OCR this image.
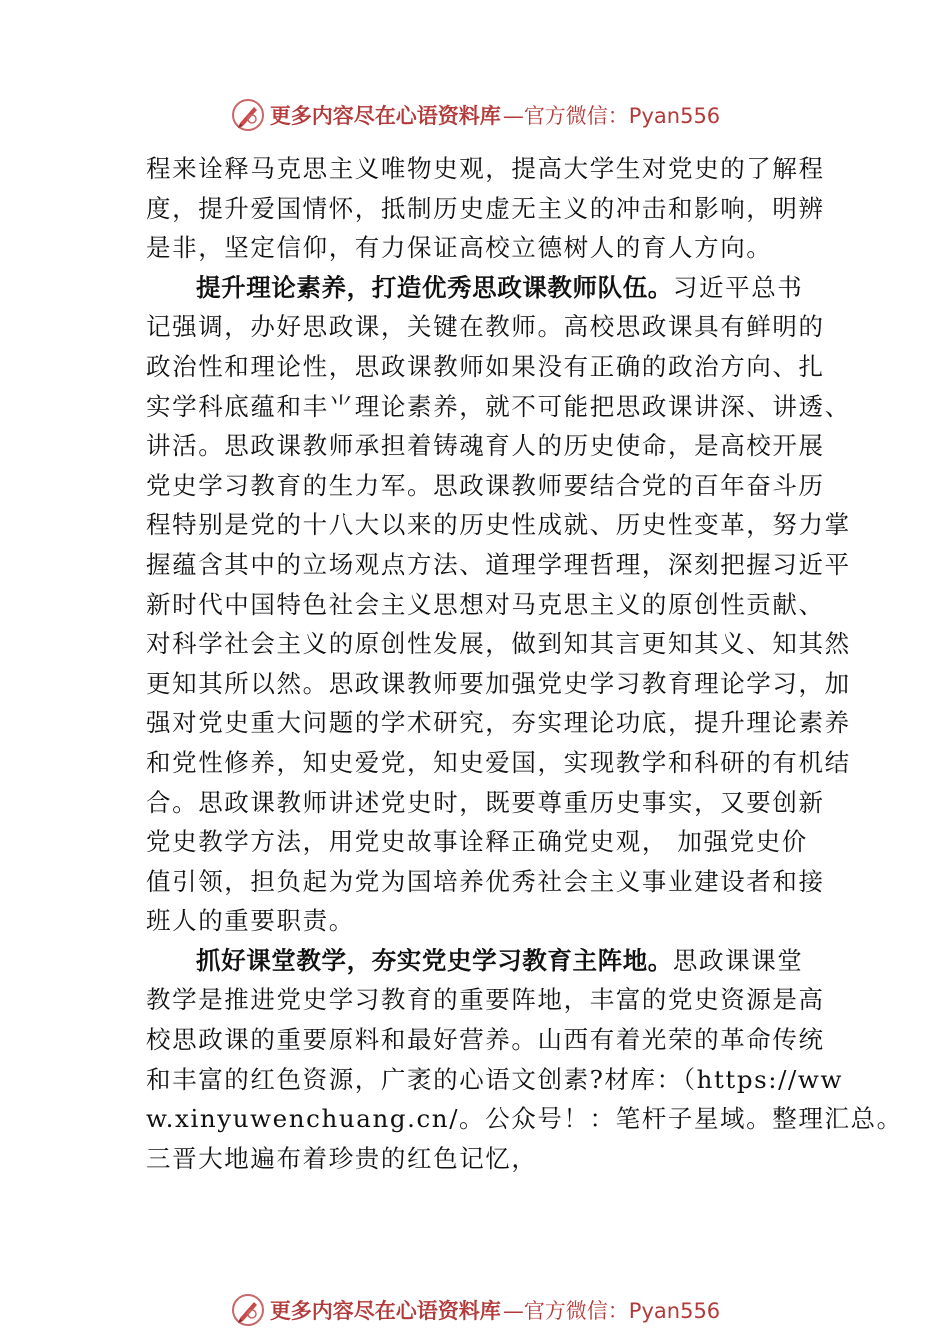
更多内容尽在心语资料库 —官方微信：Pyan556
程来诠释马克思主义唯物史观，提高大学生对党史的了解程
度，提升爱国情怀，抵制历史虚无主义的冲击和影响，明辨
是非，坚定信仰，有力保证高校立德树人的育人方向。
提升理论素养，打造优秀思政课教师队伍。习近平总书
记强调，办好思政课，关键在教师。高校思政课具有鲜明的
政治性和理论性，思政课教师如果没有正确的政治方向、扎
实学科底蕴和丰⺌理论素养，就不可能把思政课讲深、讲透、
讲活。思政课教师承担着铸魂育人的历史使命，是高校开展
党史学习教育的生力军。思政课教师要结合党的百年奋斗历
程特别是党的十八大以来的历史性成就、历史性变革，努力掌
握蕴含其中的立场观点方法、道理学理哲理，深刻把握习近平
新时代中国特色社会主义思想对马克思主义的原创性贡献、
对科学社会主义的原创性发展，做到知其言更知其义、知其然
更知其所以然。思政课教师要加强党史学习教育理论学习，加
强对党史重大问题的学术研究，夯实理论功底，提升理论素养
和党性修养，知史爱党，知史爱国，实现教学和科研的有机结
合。思政课教师讲述党史时，既要尊重历史事实，又要创新
党史教学方法，用党史故事诠释正确党史观， 加强党史价
值引领，担负起为党为国培养优秀社会主义事业建设者和接
班人的重要职责。
抓好课堂教学，夯实党史学习教育主阵地。思政课课堂
教学是推进党史学习教育的重要阵地，丰富的党史资源是高
校思政课的重要原料和最好营养。山西有着光荣的革命传统
和丰富的红色资源，广袤的心语文创素?材库：（https://ww
w.xinyuwenchuang.cn/。公众号！：笔杆子星域。整理汇总。
三晋大地遍布着珍贵的红色记忆，
更多内容尽在心语资料库 —官方微信：Pyan556
